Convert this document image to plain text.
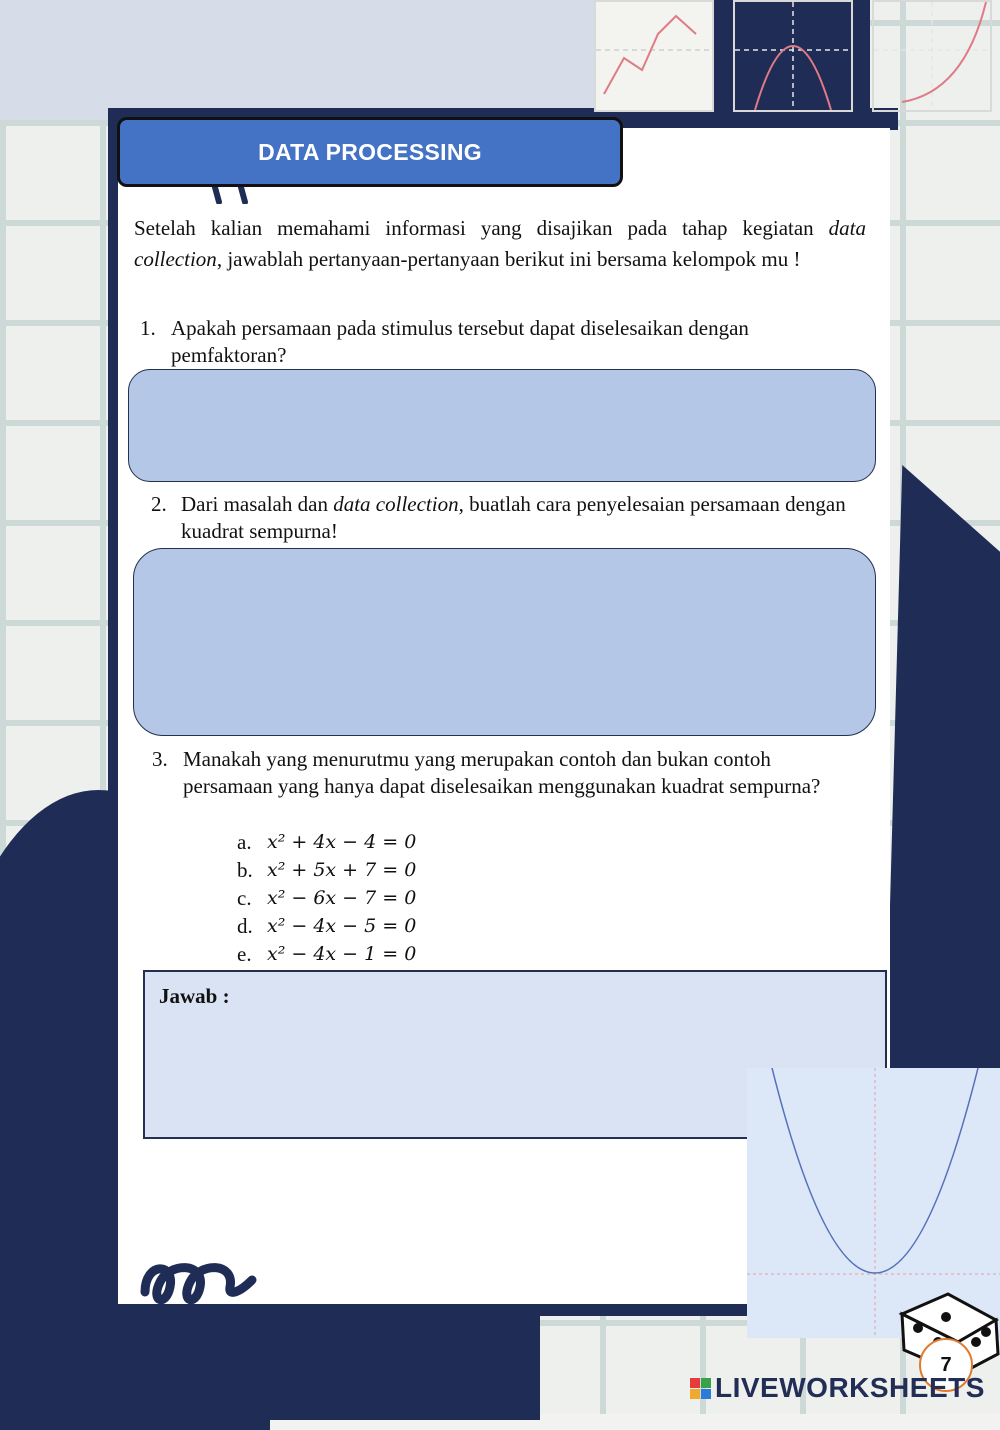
DATA PROCESSING
Setelah kalian memahami informasi yang disajikan pada tahap kegiatan data collection, jawablah pertanyaan-pertanyaan berikut ini bersama kelompok mu !
1. Apakah persamaan pada stimulus tersebut dapat diselesaikan dengan pemfaktoran?
2. Dari masalah dan data collection, buatlah cara penyelesaian persamaan dengan kuadrat sempurna!
3. Manakah yang menurutmu yang merupakan contoh dan bukan contoh persamaan yang hanya dapat diselesaikan menggunakan kuadrat sempurna?
a. x² + 4x − 4 = 0
b. x² + 5x + 7 = 0
c. x² − 6x − 7 = 0
d. x² − 4x − 5 = 0
e. x² − 4x − 1 = 0
Jawab :
7
LIVEWORKSHEETS
